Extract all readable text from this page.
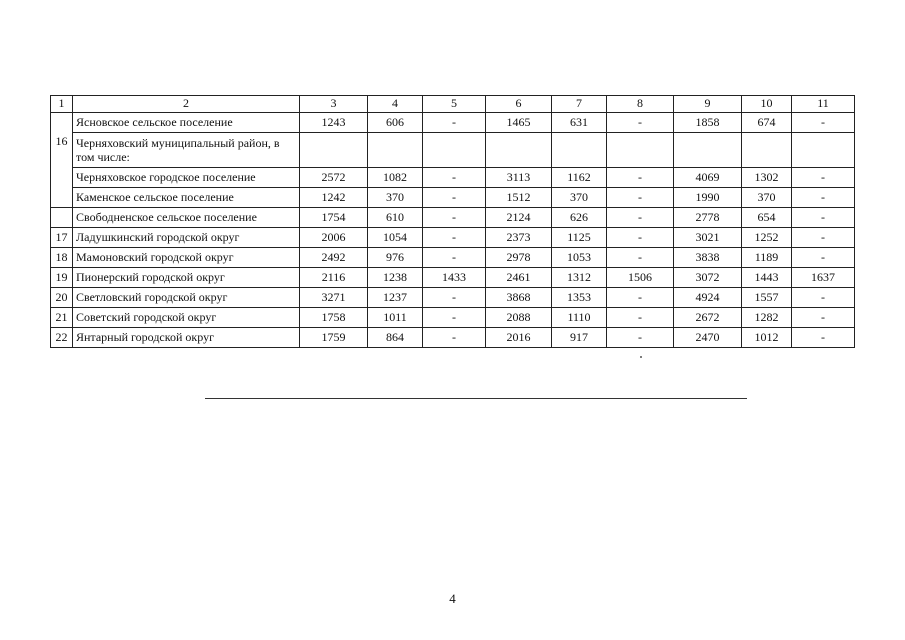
1	2	3	4	5	6	7	8	9	10	11
	Ясновское сельское поселение	1243	606	-	1465	631	-	1858	674	-
16	Черняховский муниципальный район, в том числе:									
	Черняховское городское поселение	2572	1082	-	3113	1162	-	4069	1302	-
	Каменское сельское поселение	1242	370	-	1512	370	-	1990	370	-
	Свободненское сельское поселение	1754	610	-	2124	626	-	2778	654	-
17	Ладушкинский городской округ	2006	1054	-	2373	1125	-	3021	1252	-
18	Мамоновский городской округ	2492	976	-	2978	1053	-	3838	1189	-
19	Пионерский городской округ	2116	1238	1433	2461	1312	1506	3072	1443	1637
20	Светловский городской округ	3271	1237	-	3868	1353	-	4924	1557	-
21	Советский городской округ	1758	1011	-	2088	1110	-	2672	1282	-
22	Янтарный городской округ	1759	864	-	2016	917	-	2470	1012	-
4
